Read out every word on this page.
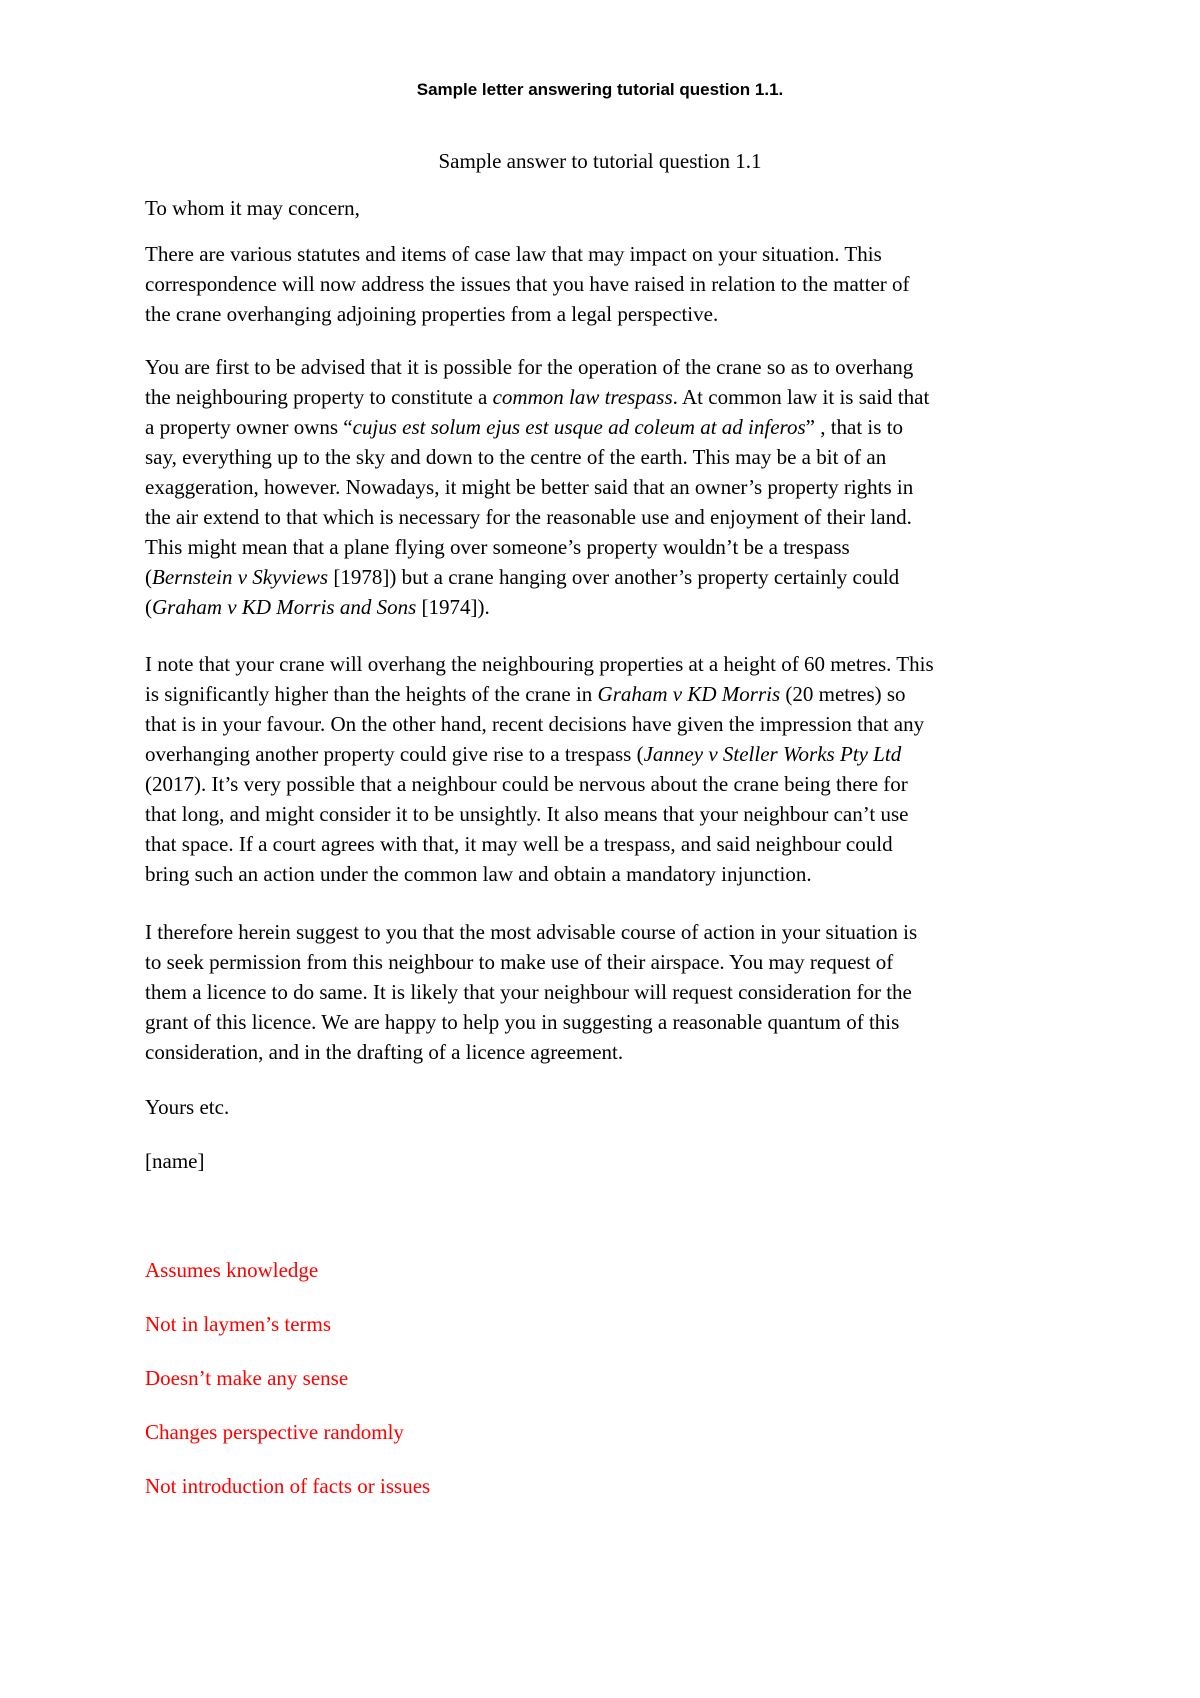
Sample letter answering tutorial question 1.1.
Sample answer to tutorial question 1.1
To whom it may concern,
There are various statutes and items of case law that may impact on your situation. This
correspondence will now address the issues that you have raised in relation to the matter of
the crane overhanging adjoining properties from a legal perspective.
You are first to be advised that it is possible for the operation of the crane so as to overhang
the neighbouring property to constitute a common law trespass. At common law it is said that
a property owner owns “cujus est solum ejus est usque ad coleum at ad inferos” , that is to
say, everything up to the sky and down to the centre of the earth. This may be a bit of an
exaggeration, however. Nowadays, it might be better said that an owner’s property rights in
the air extend to that which is necessary for the reasonable use and enjoyment of their land.
This might mean that a plane flying over someone’s property wouldn’t be a trespass
(Bernstein v Skyviews [1978]) but a crane hanging over another’s property certainly could
(Graham v KD Morris and Sons [1974]).
I note that your crane will overhang the neighbouring properties at a height of 60 metres. This
is significantly higher than the heights of the crane in Graham v KD Morris (20 metres) so
that is in your favour. On the other hand, recent decisions have given the impression that any
overhanging another property could give rise to a trespass (Janney v Steller Works Pty Ltd
(2017). It’s very possible that a neighbour could be nervous about the crane being there for
that long, and might consider it to be unsightly. It also means that your neighbour can’t use
that space. If a court agrees with that, it may well be a trespass, and said neighbour could
bring such an action under the common law and obtain a mandatory injunction.
I therefore herein suggest to you that the most advisable course of action in your situation is
to seek permission from this neighbour to make use of their airspace. You may request of
them a licence to do same. It is likely that your neighbour will request consideration for the
grant of this licence. We are happy to help you in suggesting a reasonable quantum of this
consideration, and in the drafting of a licence agreement.
Yours etc.
[name]
Assumes knowledge
Not in laymen’s terms
Doesn’t make any sense
Changes perspective randomly
Not introduction of facts or issues
